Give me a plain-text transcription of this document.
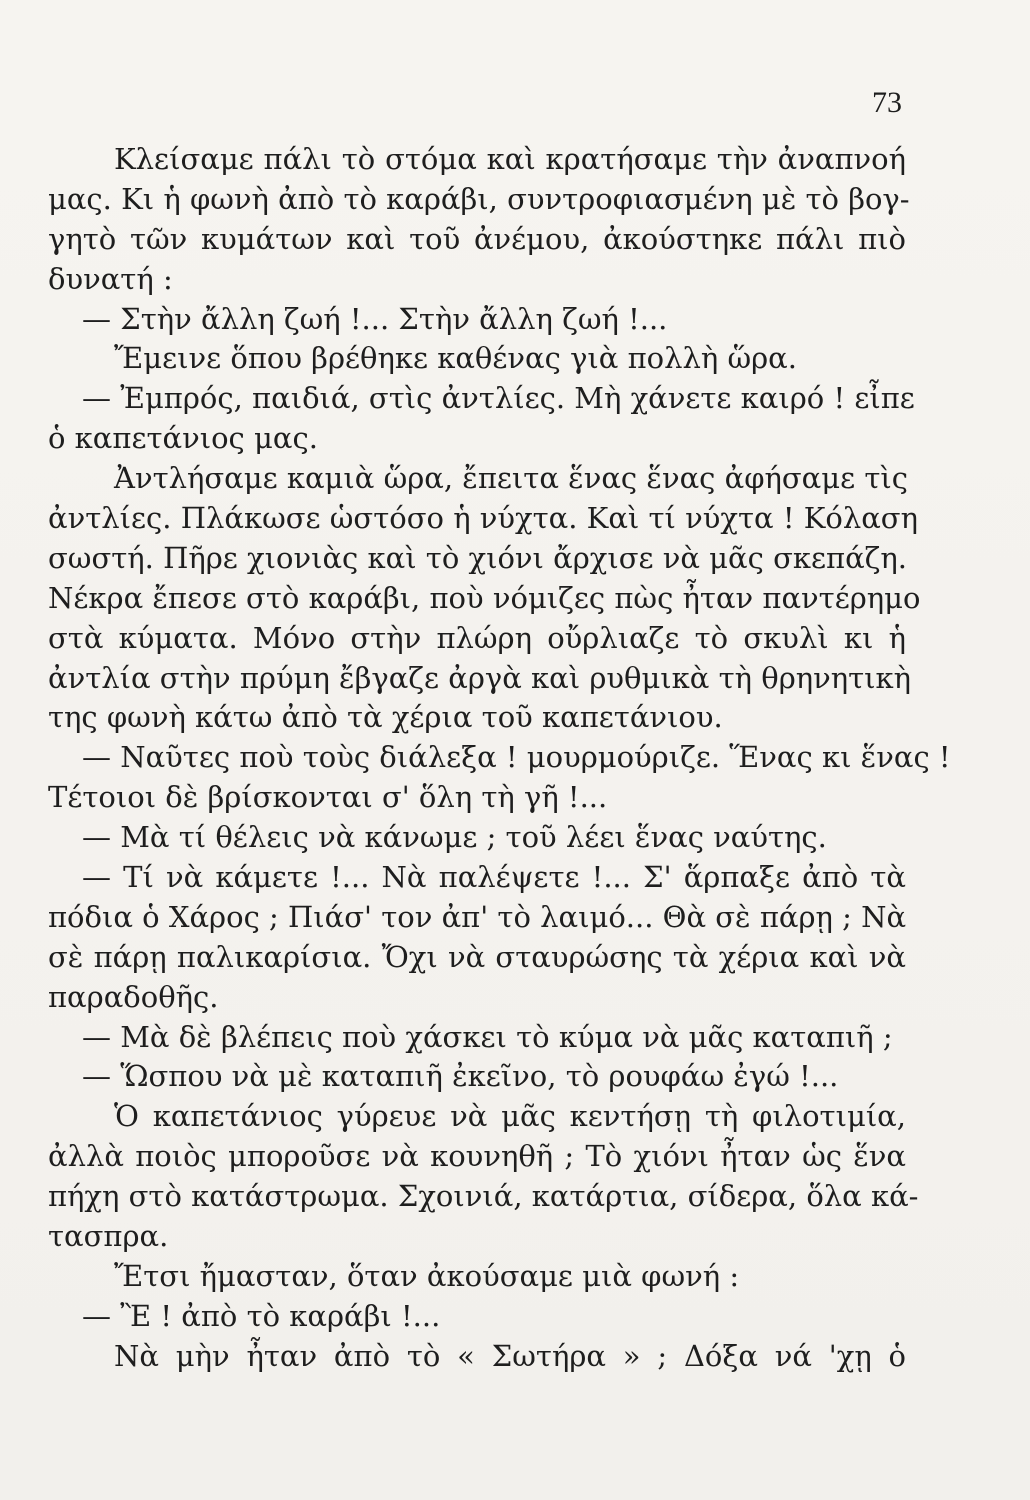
73
Κλείσαμε πάλι τὸ στόμα καὶ κρατήσαμε τὴν ἀναπνοή
μας. Κι ἡ φωνὴ ἀπὸ τὸ καράβι, συντροφιασμένη μὲ τὸ βογ-
γητὸ τῶν κυμάτων καὶ τοῦ ἀνέμου, ἀκούστηκε πάλι πιὸ
δυνατή :
— Στὴν ἄλλη ζωή !... Στὴν ἄλλη ζωή !...
Ἔμεινε ὅπου βρέθηκε καθένας γιὰ πολλὴ ὥρα.
— Ἐμπρός, παιδιά, στὶς ἀντλίες. Μὴ χάνετε καιρό ! εἶπε
ὁ καπετάνιος μας.
Ἀντλήσαμε καμιὰ ὥρα, ἔπειτα ἕνας ἕνας ἀφήσαμε τὶς
ἀντλίες. Πλάκωσε ὡστόσο ἡ νύχτα. Καὶ τί νύχτα ! Κόλαση
σωστή. Πῆρε χιονιὰς καὶ τὸ χιόνι ἄρχισε νὰ μᾶς σκεπάζη.
Νέκρα ἔπεσε στὸ καράβι, ποὺ νόμιζες πὼς ἦταν παντέρημο
στὰ κύματα. Μόνο στὴν πλώρη οὔρλιαζε τὸ σκυλὶ κι ἡ
ἀντλία στὴν πρύμη ἔβγαζε ἀργὰ καὶ ρυθμικὰ τὴ θρηνητικὴ
της φωνὴ κάτω ἀπὸ τὰ χέρια τοῦ καπετάνιου.
— Ναῦτες ποὺ τοὺς διάλεξα ! μουρμούριζε. Ἕνας κι ἕνας !
Τέτοιοι δὲ βρίσκονται σ' ὅλη τὴ γῆ !...
— Μὰ τί θέλεις νὰ κάνωμε ; τοῦ λέει ἕνας ναύτης.
— Τί νὰ κάμετε !... Νὰ παλέψετε !... Σ' ἅρπαξε ἀπὸ τὰ
πόδια ὁ Χάρος ; Πιάσ' τον ἀπ' τὸ λαιμό... Θὰ σὲ πάρῃ ; Νὰ
σὲ πάρῃ παλικαρίσια. Ὄχι νὰ σταυρώσης τὰ χέρια καὶ νὰ
παραδοθῆς.
— Μὰ δὲ βλέπεις ποὺ χάσκει τὸ κύμα νὰ μᾶς καταπιῆ ;
— Ὥσπου νὰ μὲ καταπιῆ ἐκεῖνο, τὸ ρουφάω ἐγώ !...
Ὁ καπετάνιος γύρευε νὰ μᾶς κεντήσῃ τὴ φιλοτιμία,
ἀλλὰ ποιὸς μποροῦσε νὰ κουνηθῆ ; Τὸ χιόνι ἦταν ὡς ἕνα
πήχη στὸ κατάστρωμα. Σχοινιά, κατάρτια, σίδερα, ὅλα κά-
τασπρα.
Ἔτσι ἤμασταν, ὅταν ἀκούσαμε μιὰ φωνή :
— Ἒ ! ἀπὸ τὸ καράβι !...
Νὰ μὴν ἦταν ἀπὸ τὸ « Σωτήρα » ; Δόξα νά 'χῃ ὁ
